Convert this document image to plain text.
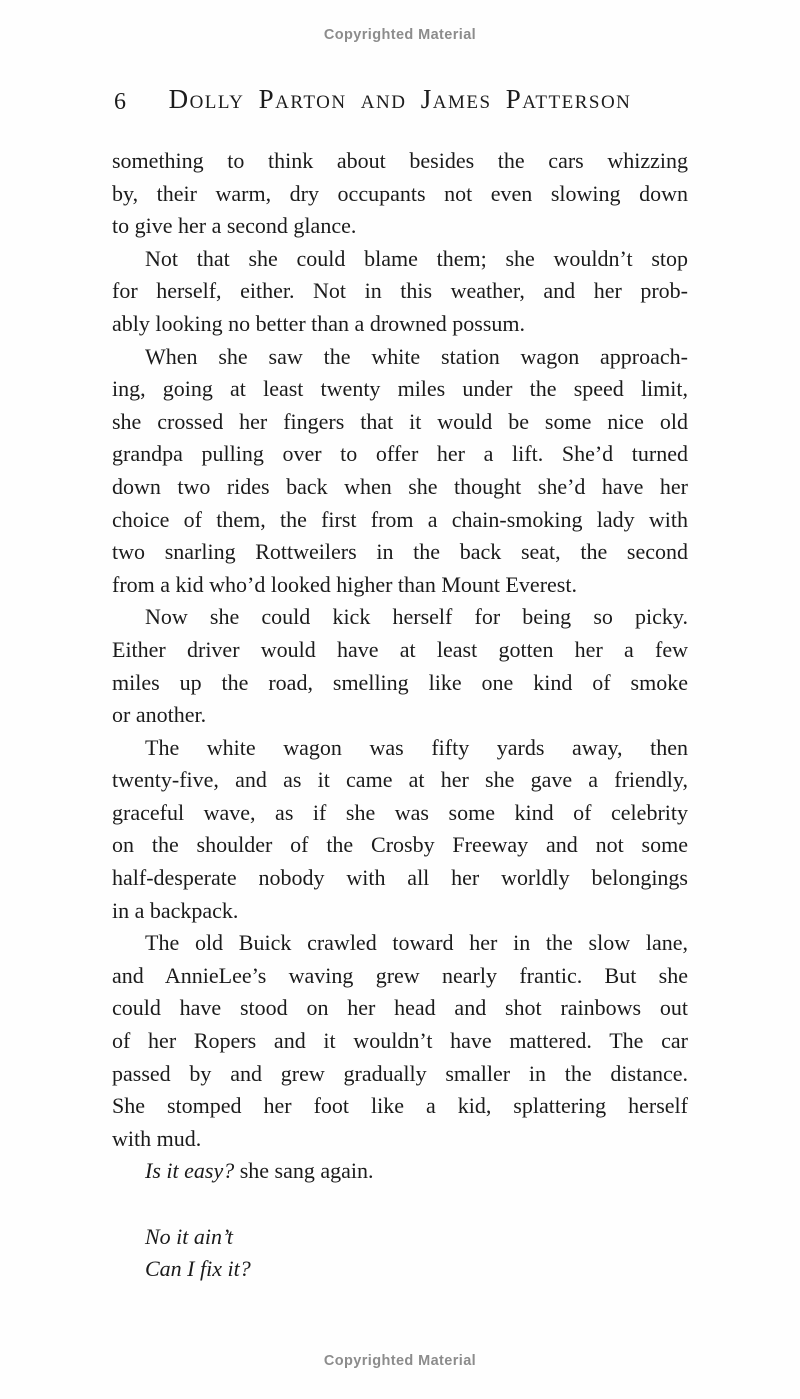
Copyrighted Material
6	Dolly Parton and James Patterson
something to think about besides the cars whizzing
by, their warm, dry occupants not even slowing down
to give her a second glance.
Not that she could blame them; she wouldn’t stop
for herself, either. Not in this weather, and her prob-
ably looking no better than a drowned possum.
When she saw the white station wagon approach-
ing, going at least twenty miles under the speed limit,
she crossed her fingers that it would be some nice old
grandpa pulling over to offer her a lift. She’d turned
down two rides back when she thought she’d have her
choice of them, the first from a chain-smoking lady with
two snarling Rottweilers in the back seat, the second
from a kid who’d looked higher than Mount Everest.
Now she could kick herself for being so picky.
Either driver would have at least gotten her a few
miles up the road, smelling like one kind of smoke
or another.
The white wagon was fifty yards away, then
twenty-five, and as it came at her she gave a friendly,
graceful wave, as if she was some kind of celebrity
on the shoulder of the Crosby Freeway and not some
half-desperate nobody with all her worldly belongings
in a backpack.
The old Buick crawled toward her in the slow lane,
and AnnieLee’s waving grew nearly frantic. But she
could have stood on her head and shot rainbows out
of her Ropers and it wouldn’t have mattered. The car
passed by and grew gradually smaller in the distance.
She stomped her foot like a kid, splattering herself
with mud.
Is it easy? she sang again.
No it ain’t
Can I fix it?
Copyrighted Material
